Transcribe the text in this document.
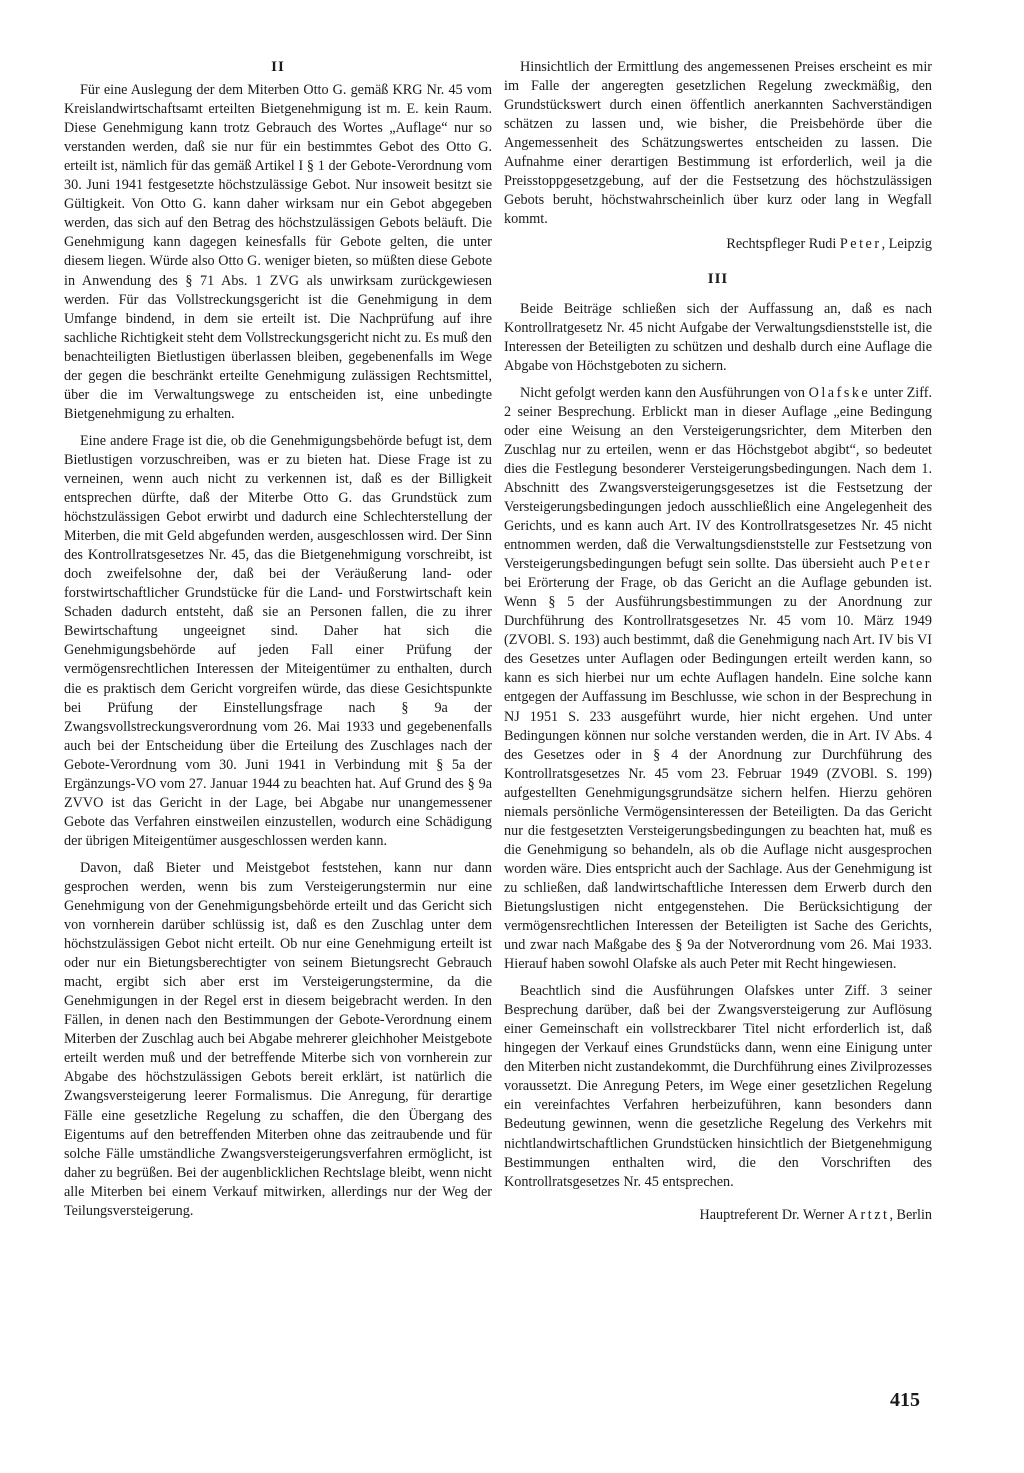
II

Für eine Auslegung der dem Miterben Otto G. gemäß KRG Nr. 45 vom Kreislandwirtschaftsamt erteilten Bietgenehmigung ist m. E. kein Raum. Diese Genehmigung kann trotz Gebrauch des Wortes „Auflage“ nur so verstanden werden, daß sie nur für ein bestimmtes Gebot des Otto G. erteilt ist, nämlich für das gemäß Artikel I § 1 der Gebote-Verordnung vom 30. Juni 1941 festgesetzte höchstzulässige Gebot. Nur insoweit besitzt sie Gültigkeit. Von Otto G. kann daher wirksam nur ein Gebot abgegeben werden, das sich auf den Betrag des höchstzulässigen Gebots beläuft. Die Genehmigung kann dagegen keinesfalls für Gebote gelten, die unter diesem liegen. Würde also Otto G. weniger bieten, so müßten diese Gebote in Anwendung des § 71 Abs. 1 ZVG als unwirksam zurückgewiesen werden. Für das Vollstreckungsgericht ist die Genehmigung in dem Umfange bindend, in dem sie erteilt ist. Die Nachprüfung auf ihre sachliche Richtigkeit steht dem Vollstreckungsgericht nicht zu. Es muß den benachteiligten Bietlustigen überlassen bleiben, gegebenenfalls im Wege der gegen die beschränkt erteilte Genehmigung zulässigen Rechtsmittel, über die im Verwaltungswege zu entscheiden ist, eine unbedingte Bietgenehmigung zu erhalten.

Eine andere Frage ist die, ob die Genehmigungsbehörde befugt ist, dem Bietlustigen vorzuschreiben, was er zu bieten hat. Diese Frage ist zu verneinen, wenn auch nicht zu verkennen ist, daß es der Billigkeit entsprechen dürfte, daß der Miterbe Otto G. das Grundstück zum höchstzulässigen Gebot erwirbt und dadurch eine Schlechterstellung der Miterben, die mit Geld abgefunden werden, ausgeschlossen wird. Der Sinn des Kontrollratsgesetzes Nr. 45, das die Bietgenehmigung vorschreibt, ist doch zweifelsohne der, daß bei der Veräußerung land- oder forstwirtschaftlicher Grundstücke für die Land- und Forstwirtschaft kein Schaden dadurch entsteht, daß sie an Personen fallen, die zu ihrer Bewirtschaftung ungeeignet sind. Daher hat sich die Genehmigungsbehörde auf jeden Fall einer Prüfung der vermögensrechtlichen Interessen der Miteigentümer zu enthalten, durch die es praktisch dem Gericht vorgreifen würde, das diese Gesichtspunkte bei Prüfung der Einstellungsfrage nach § 9a der Zwangsvollstreckungsverordnung vom 26. Mai 1933 und gegebenenfalls auch bei der Entscheidung über die Erteilung des Zuschlages nach der Gebote-Verordnung vom 30. Juni 1941 in Verbindung mit § 5a der Ergänzungs-VO vom 27. Januar 1944 zu beachten hat. Auf Grund des § 9a ZVVO ist das Gericht in der Lage, bei Abgabe nur unangemessener Gebote das Verfahren einstweilen einzustellen, wodurch eine Schädigung der übrigen Miteigentümer ausgeschlossen werden kann.

Davon, daß Bieter und Meistgebot feststehen, kann nur dann gesprochen werden, wenn bis zum Versteigerungstermin nur eine Genehmigung von der Genehmigungsbehörde erteilt und das Gericht sich von vornherein darüber schlüssig ist, daß es den Zuschlag unter dem höchstzulässigen Gebot nicht erteilt. Ob nur eine Genehmigung erteilt ist oder nur ein Bietungsberechtigter von seinem Bietungsrecht Gebrauch macht, ergibt sich aber erst im Versteigerungstermine, da die Genehmigungen in der Regel erst in diesem beigebracht werden. In den Fällen, in denen nach den Bestimmungen der Gebote-Verordnung einem Miterben der Zuschlag auch bei Abgabe mehrerer gleichhoher Meistgebote erteilt werden muß und der betreffende Miterbe sich von vornherein zur Abgabe des höchstzulässigen Gebots bereit erklärt, ist natürlich die Zwangsversteigerung leerer Formalismus. Die Anregung, für derartige Fälle eine gesetzliche Regelung zu schaffen, die den Übergang des Eigentums auf den betreffenden Miterben ohne das zeitraubende und für solche Fälle umständliche Zwangsversteigerungsverfahren ermöglicht, ist daher zu begrüßen. Bei der augenblicklichen Rechtslage bleibt, wenn nicht alle Miterben bei einem Verkauf mitwirken, allerdings nur der Weg der Teilungsversteigerung.

Hinsichtlich der Ermittlung des angemessenen Preises erscheint es mir im Falle der angeregten gesetzlichen Regelung zweckmäßig, den Grundstückswert durch einen öffentlich anerkannten Sachverständigen schätzen zu lassen und, wie bisher, die Preisbehörde über die Angemessenheit des Schätzungswertes entscheiden zu lassen. Die Aufnahme einer derartigen Bestimmung ist erforderlich, weil ja die Preisstoppgesetzgebung, auf der die Festsetzung des höchstzulässigen Gebots beruht, höchstwahrscheinlich über kurz oder lang in Wegfall kommt.

Rechtspfleger Rudi Peter, Leipzig
III

Beide Beiträge schließen sich der Auffassung an, daß es nach Kontrollratgesetz Nr. 45 nicht Aufgabe der Verwaltungsdienststelle ist, die Interessen der Beteiligten zu schützen und deshalb durch eine Auflage die Abgabe von Höchstgeboten zu sichern.

Nicht gefolgt werden kann den Ausführungen von Olafske unter Ziff. 2 seiner Besprechung. Erblickt man in dieser Auflage „eine Bedingung oder eine Weisung an den Versteigerungsrichter, dem Miterben den Zuschlag nur zu erteilen, wenn er das Höchstgebot abgibt“, so bedeutet dies die Festlegung besonderer Versteigerungsbedingungen. Nach dem 1. Abschnitt des Zwangsversteigerungsgesetzes ist die Festsetzung der Versteigerungsbedingungen jedoch ausschließlich eine Angelegenheit des Gerichts, und es kann auch Art. IV des Kontrollratsgesetzes Nr. 45 nicht entnommen werden, daß die Verwaltungsdienststelle zur Festsetzung von Versteigerungsbedingungen befugt sein sollte. Das übersieht auch Peter bei Erörterung der Frage, ob das Gericht an die Auflage gebunden ist. Wenn § 5 der Ausführungsbestimmungen zu der Anordnung zur Durchführung des Kontrollratsgesetzes Nr. 45 vom 10. März 1949 (ZVOBl. S. 193) auch bestimmt, daß die Genehmigung nach Art. IV bis VI des Gesetzes unter Auflagen oder Bedingungen erteilt werden kann, so kann es sich hierbei nur um echte Auflagen handeln. Eine solche kann entgegen der Auffassung im Beschlusse, wie schon in der Besprechung in NJ 1951 S. 233 ausgeführt wurde, hier nicht ergehen. Und unter Bedingungen können nur solche verstanden werden, die in Art. IV Abs. 4 des Gesetzes oder in § 4 der Anordnung zur Durchführung des Kontrollratsgesetzes Nr. 45 vom 23. Februar 1949 (ZVOBl. S. 199) aufgestellten Genehmigungsgrundsätze sichern helfen. Hierzu gehören niemals persönliche Vermögensinteressen der Beteiligten. Da das Gericht nur die festgesetzten Versteigerungsbedingungen zu beachten hat, muß es die Genehmigung so behandeln, als ob die Auflage nicht ausgesprochen worden wäre. Dies entspricht auch der Sachlage. Aus der Genehmigung ist zu schließen, daß landwirtschaftliche Interessen dem Erwerb durch den Bietungslustigen nicht entgegenstehen. Die Berücksichtigung der vermögensrechtlichen Interessen der Beteiligten ist Sache des Gerichts, und zwar nach Maßgabe des § 9a der Notverordnung vom 26. Mai 1933. Hierauf haben sowohl Olafske als auch Peter mit Recht hingewiesen.

Beachtlich sind die Ausführungen Olafskes unter Ziff. 3 seiner Besprechung darüber, daß bei der Zwangsversteigerung zur Auflösung einer Gemeinschaft ein vollstreckbarer Titel nicht erforderlich ist, daß hingegen der Verkauf eines Grundstücks dann, wenn eine Einigung unter den Miterben nicht zustandekommt, die Durchführung eines Zivilprozesses voraussetzt. Die Anregung Peters, im Wege einer gesetzlichen Regelung ein vereinfachtes Verfahren herbeizuführen, kann besonders dann Bedeutung gewinnen, wenn die gesetzliche Regelung des Verkehrs mit nichtlandwirtschaftlichen Grundstücken hinsichtlich der Bietgenehmigung Bestimmungen enthalten wird, die den Vorschriften des Kontrollratsgesetzes Nr. 45 entsprechen.

Hauptreferent Dr. Werner Artzt, Berlin
415
